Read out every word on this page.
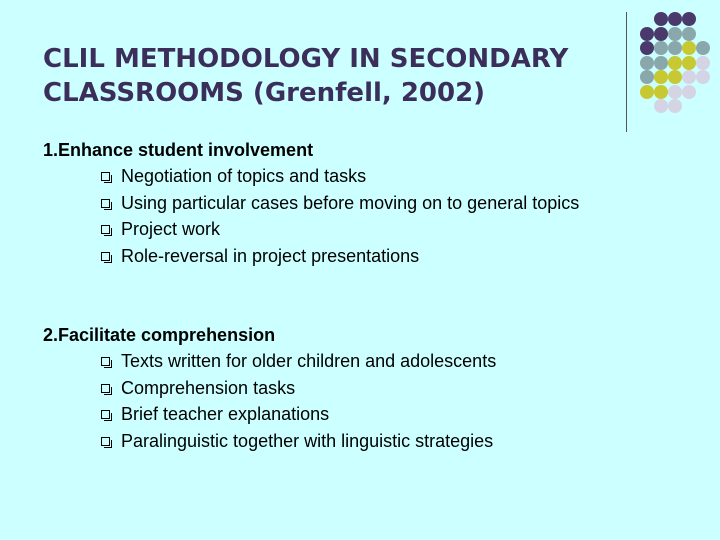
CLIL METHODOLOGY IN SECONDARY
CLASSROOMS (Grenfell, 2002)
1.Enhance student involvement
Negotiation of topics and tasks
Using particular cases before moving on to general topics
Project work
Role-reversal in project presentations
2.Facilitate comprehension
Texts written for older children and adolescents
Comprehension tasks
Brief teacher explanations
Paralinguistic together with linguistic strategies
